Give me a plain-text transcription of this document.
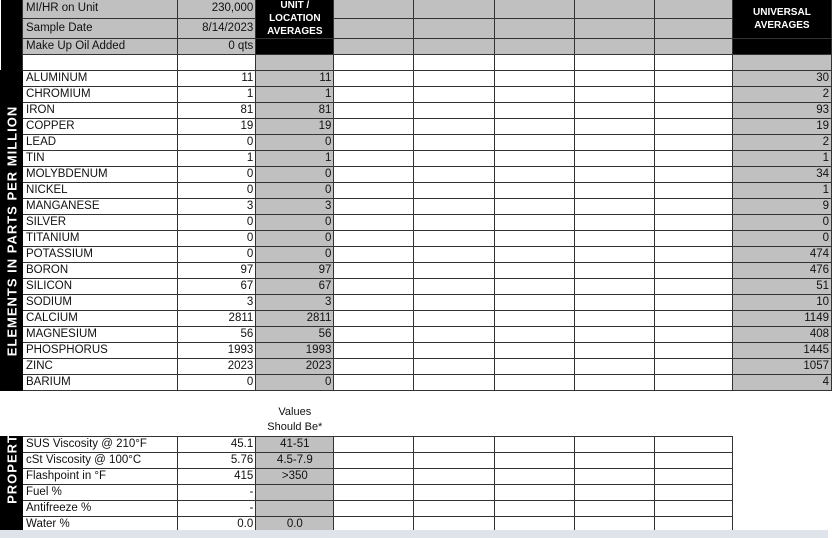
	MI/HR on Unit	230,000	UNIT / LOCATION AVERAGES						UNIVERSAL AVERAGES
	Sample Date	8/14/2023							
	Make Up Oil Added	0 qts							

ELEMENTS IN PARTS PER MILLION	ALUMINUM	11	11						30
	CHROMIUM	1	1						2
	IRON	81	81						93
	COPPER	19	19						19
	LEAD	0	0						2
	TIN	1	1						1
	MOLYBDENUM	0	0						34
	NICKEL	0	0						1
	MANGANESE	3	3						9
	SILVER	0	0						0
	TITANIUM	0	0						0
	POTASSIUM	0	0						474
	BORON	97	97						476
	SILICON	67	67						51
	SODIUM	3	3						10
	CALCIUM	2811	2811						1149
	MAGNESIUM	56	56						408
	PHOSPHORUS	1993	1993						1445
	ZINC	2023	2023						1057
	BARIUM	0	0						4
			Values						
			Should Be*						

PROPERTIES	SUS Viscosity @ 210°F	45.1	41-51						
	cSt Viscosity @ 100°C	5.76	4.5-7.9						
	Flashpoint in °F	415	>350						
	Fuel %	-							
	Antifreeze %	-							
	Water %	0.0	0.0						
